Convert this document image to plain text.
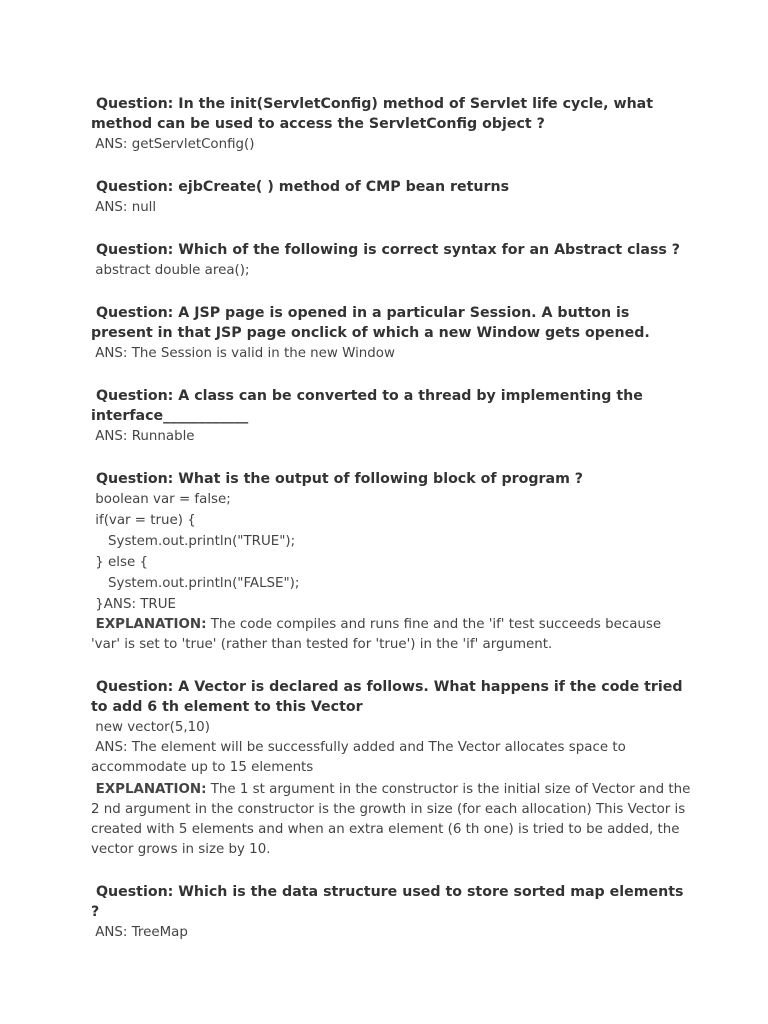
Question: In the init(ServletConfig) method of Servlet life cycle, what method can be used to access the ServletConfig object ?
ANS: getServletConfig()
Question: ejbCreate( ) method of CMP bean returns
ANS: null
Question: Which of the following is correct syntax for an Abstract class ?
abstract double area();
Question: A JSP page is opened in a particular Session. A button is present in that JSP page onclick of which a new Window gets opened.
ANS: The Session is valid in the new Window
Question: A class can be converted to a thread by implementing the interface____________
ANS: Runnable
Question: What is the output of following block of program ?
boolean var = false;
if(var = true) {
System.out.println("TRUE");
} else {
System.out.println("FALSE");
}ANS: TRUE
EXPLANATION: The code compiles and runs fine and the 'if' test succeeds because 'var' is set to 'true' (rather than tested for 'true') in the 'if' argument.
Question: A Vector is declared as follows. What happens if the code tried to add 6 th element to this Vector
new vector(5,10)
ANS: The element will be successfully added and The Vector allocates space to accommodate up to 15 elements
EXPLANATION: The 1 st argument in the constructor is the initial size of Vector and the 2 nd argument in the constructor is the growth in size (for each allocation) This Vector is created with 5 elements and when an extra element (6 th one) is tried to be added, the vector grows in size by 10.
Question: Which is the data structure used to store sorted map elements ?
ANS: TreeMap
